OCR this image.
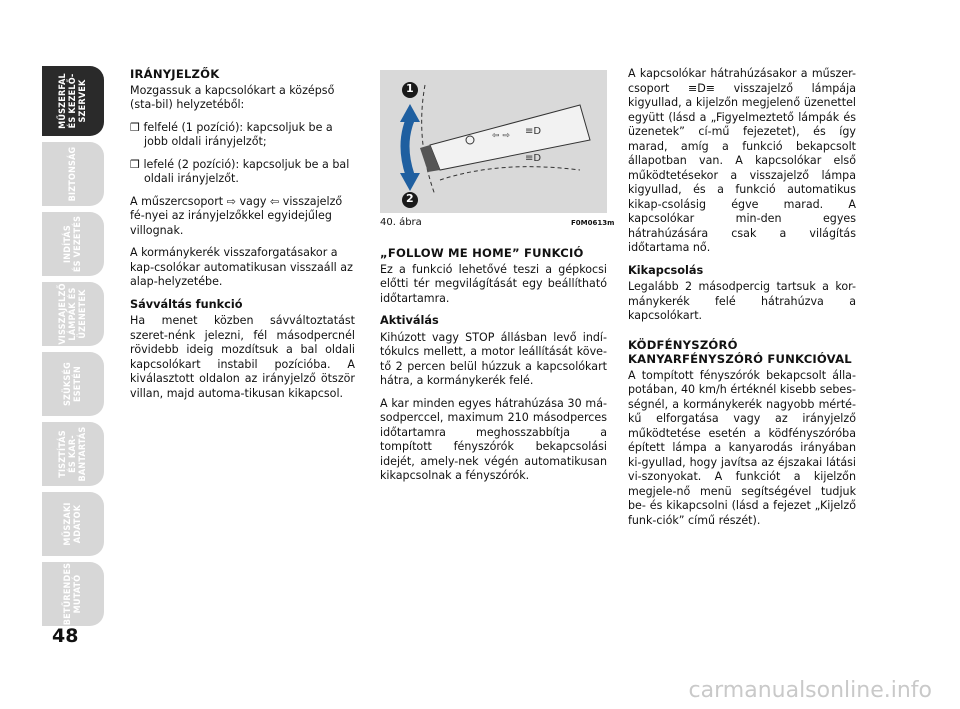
MŰSZERFAL
ÉS KEZELŐ-
SZERVEK
BIZTONSÁG
INDÍTÁS
ÉS VEZETÉS
VISSZAJELZŐ
LÁMPÁK ÉS
ÜZENETEK
SZÜKSÉG
ESETÉN
TISZTÍTÁS
ÉS KAR-
BANTARTÁS
MŰSZAKI
ADATOK
BETŰRENDES
MUTATÓ
48
IRÁNYJELZŐK

Mozgassuk a kapcsolókart a középső (sta-bil) helyzetéből:

❒ felfelé (1 pozíció): kapcsoljuk be a jobb oldali irányjelzőt;

❒ lefelé (2 pozíció): kapcsoljuk be a bal oldali irányjelzőt.

A műszercsoport ⇨ vagy ⇦ visszajelző fé-nyei az irányjelzőkkel egyidejűleg villognak.

A kormánykerék visszaforgatásakor a kap-csolókar automatikusan visszaáll az alap-helyzetébe.

Sávváltás funkció

Ha menet közben sávváltoztatást szeret-nénk jelezni, fél másodpercnél rövidebb ideig mozdítsuk a bal oldali kapcsolókart instabil pozícióba. A kiválasztott oldalon az irányjelző ötször villan, majd automa-tikusan kikapcsol.

⇦ ⇨ ≡D
≡D
1
2
40. ábra	F0M0613m
„FOLLOW ME HOME” FUNKCIÓ

Ez a funkció lehetővé teszi a gépkocsi előtti tér megvilágítását egy beállítható időtartamra.

Aktiválás

Kihúzott vagy STOP állásban levő indí-tókulcs mellett, a motor leállítását köve-tő 2 percen belül húzzuk a kapcsolókart hátra, a kormánykerék felé.

A kar minden egyes hátrahúzása 30 má-sodperccel, maximum 210 másodperces időtartamra meghosszabbítja a tompított fényszórók bekapcsolási idejét, amely-nek végén automatikusan kikapcsolnak a fényszórók.

A kapcsolókar hátrahúzásakor a műszer-csoport ≡D≡ visszajelző lámpája kigyullad, a kijelzőn megjelenő üzenettel együtt (lásd a „Figyelmeztető lámpák és üzenetek” cí-mű fejezetet), és így marad, amíg a funkció bekapcsolt állapotban van. A kapcsolókar első működtetésekor a visszajelző lámpa kigyullad, és a funkció automatikus kikap-csolásig égve marad. A kapcsolókar min-den egyes hátrahúzására csak a világítás időtartama nő.

Kikapcsolás

Legalább 2 másodpercig tartsuk a kor-mánykerék felé hátrahúzva a kapcsolókart.

KÖDFÉNYSZÓRÓ KANYARFÉNYSZÓRÓ FUNKCIÓVAL

A tompított fényszórók bekapcsolt álla-potában, 40 km/h értéknél kisebb sebes-ségnél, a kormánykerék nagyobb mérté-kű elforgatása vagy az irányjelző működtetése esetén a ködfényszóróba épített lámpa a kanyarodás irányában ki-gyullad, hogy javítsa az éjszakai látási vi-szonyokat. A funkciót a kijelzőn megjele-nő menü segítségével tudjuk be- és kikapcsolni (lásd a fejezet „Kijelző funk-ciók” című részét).

carmanualsonline.info
